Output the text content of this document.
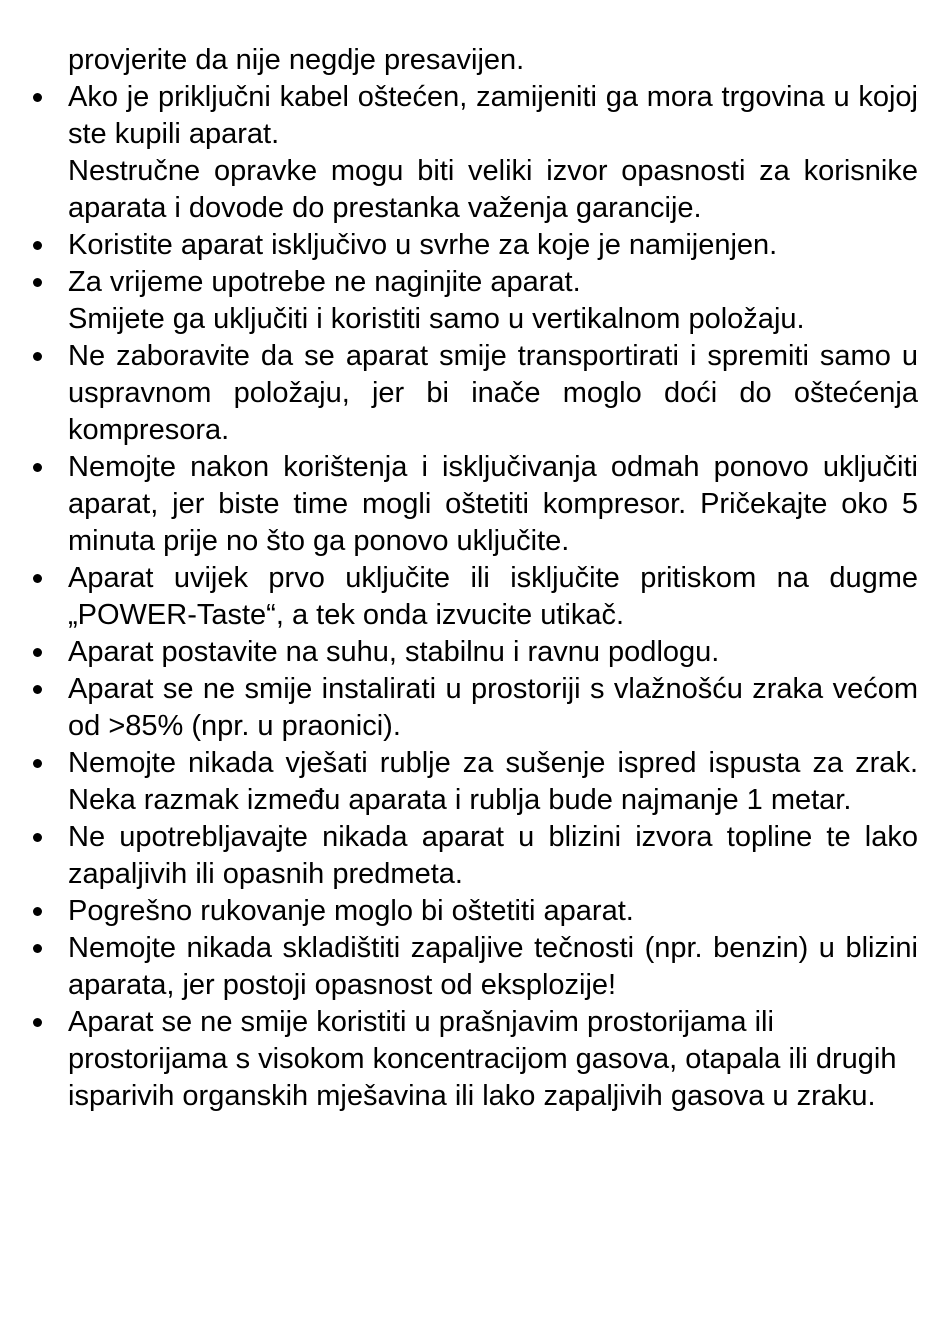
provjerite da nije negdje presavijen.

Ako je priključni kabel oštećen, zamijeniti ga mora trgovina u kojoj ste kupili aparat.

Nestručne opravke mogu biti veliki izvor opasnosti za korisnike aparata i dovode do prestanka važenja garancije.

Koristite aparat isključivo u svrhe za koje je namijenjen.

Za vrijeme upotrebe ne naginjite aparat.

Smijete ga uključiti i koristiti samo u vertikalnom položaju.

Ne zaboravite da se aparat smije transportirati i spremiti samo u uspravnom položaju, jer bi inače moglo doći do oštećenja kompresora.

Nemojte nakon korištenja i isključivanja odmah ponovo uključiti aparat, jer biste time mogli oštetiti kompresor. Pričekajte oko 5 minuta prije no što ga ponovo uključite.

Aparat uvijek prvo uključite ili isključite pritiskom na dugme „POWER-Taste“, a tek onda izvucite utikač.

Aparat postavite na suhu, stabilnu i ravnu podlogu.

Aparat se ne smije instalirati u prostoriji s vlažnošću zraka većom od >85% (npr. u praonici).

Nemojte nikada vješati rublje za sušenje ispred ispusta za zrak. Neka razmak između aparata i rublja bude najmanje 1 metar.

Ne upotrebljavajte nikada aparat u blizini izvora topline te lako zapaljivih ili opasnih predmeta.

Pogrešno rukovanje moglo bi oštetiti aparat.

Nemojte nikada skladištiti zapaljive tečnosti (npr. benzin) u blizini aparata, jer postoji opasnost od eksplozije!

Aparat se ne smije koristiti u prašnjavim prostorijama ili prostorijama s visokom koncentracijom gasova, otapala ili drugih isparivih organskih mješavina ili lako zapaljivih gasova u zraku.
